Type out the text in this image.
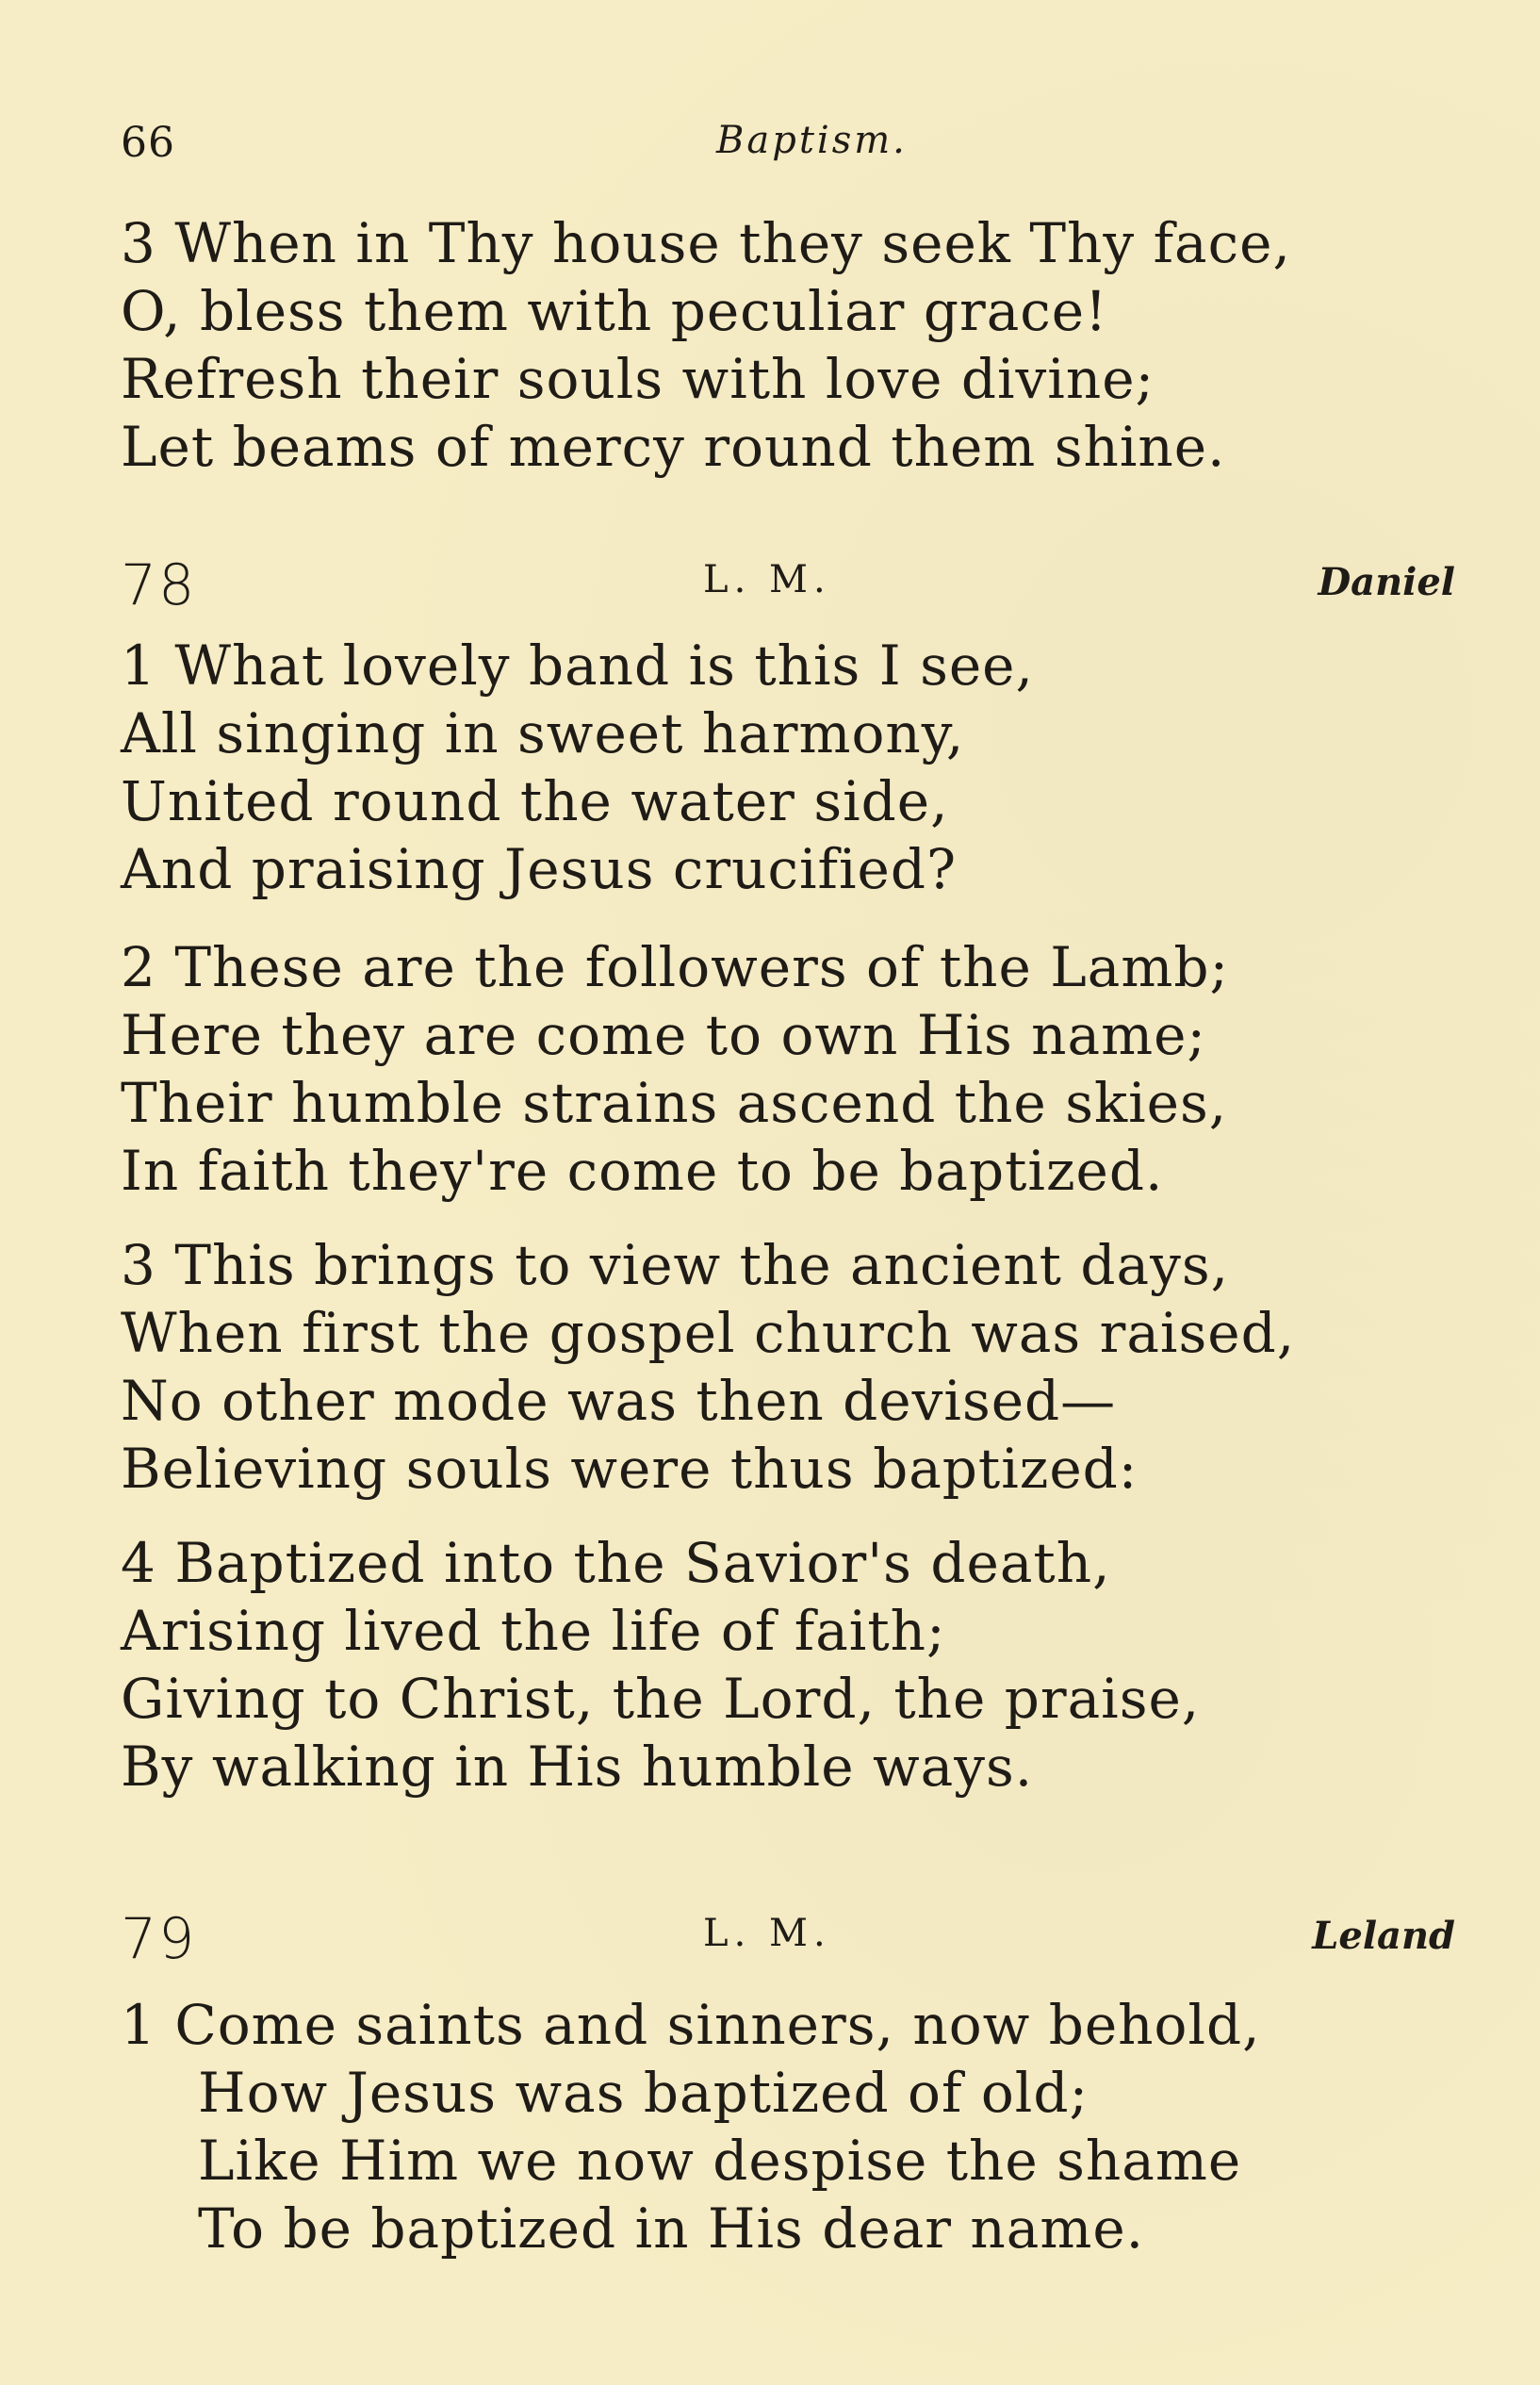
66	Baptism.
3 When in Thy house they seek Thy face,
O, bless them with peculiar grace!
Refresh their souls with love divine;
Let beams of mercy round them shine.
78	L. M.	Daniel
1 What lovely band is this I see,
All singing in sweet harmony,
United round the water side,
And praising Jesus crucified?
2 These are the followers of the Lamb;
Here they are come to own His name;
Their humble strains ascend the skies,
In faith they're come to be baptized.
3 This brings to view the ancient days,
When first the gospel church was raised,
No other mode was then devised—
Believing souls were thus baptized:
4 Baptized into the Savior's death,
Arising lived the life of faith;
Giving to Christ, the Lord, the praise,
By walking in His humble ways.
79	L. M.	Leland
1 Come saints and sinners, now behold,
How Jesus was baptized of old;
Like Him we now despise the shame
To be baptized in His dear name.
